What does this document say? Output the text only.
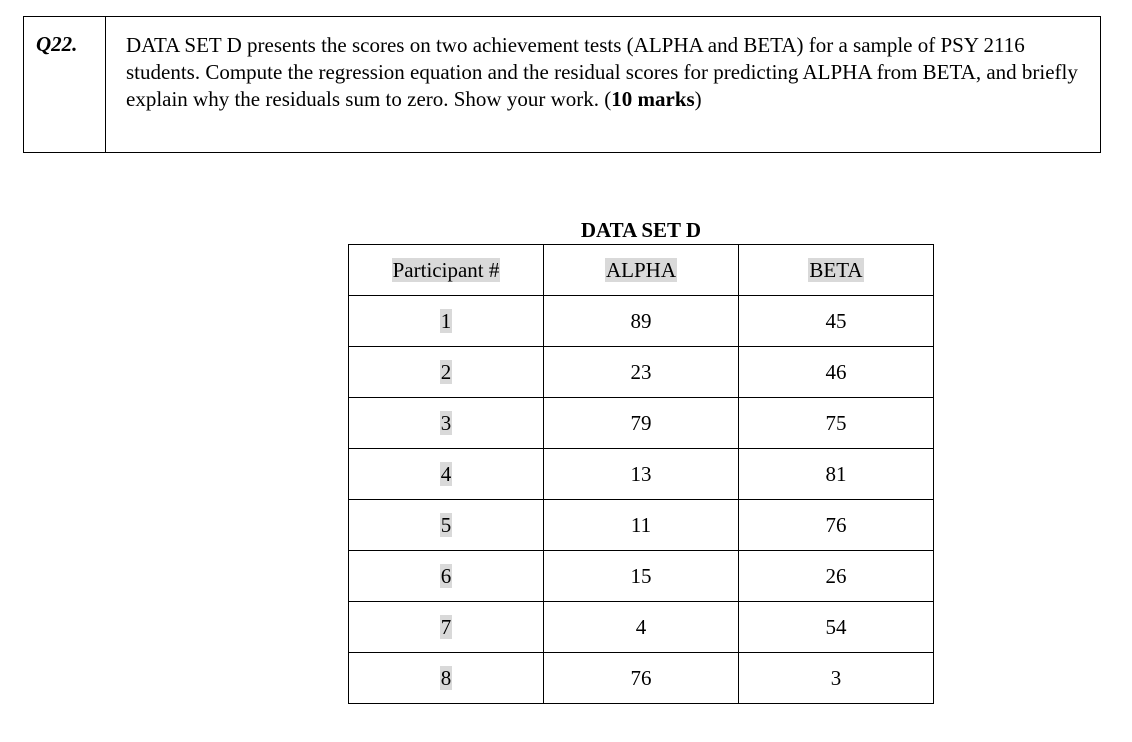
Q22.	DATA SET D presents the scores on two achievement tests (ALPHA and BETA) for a sample of PSY 2116 students. Compute the regression equation and the residual scores for predicting ALPHA from BETA, and briefly explain why the residuals sum to zero. Show your work. (10 marks)
DATA SET D
Participant #	ALPHA	BETA
1	89	45
2	23	46
3	79	75
4	13	81
5	11	76
6	15	26
7	4	54
8	76	3
